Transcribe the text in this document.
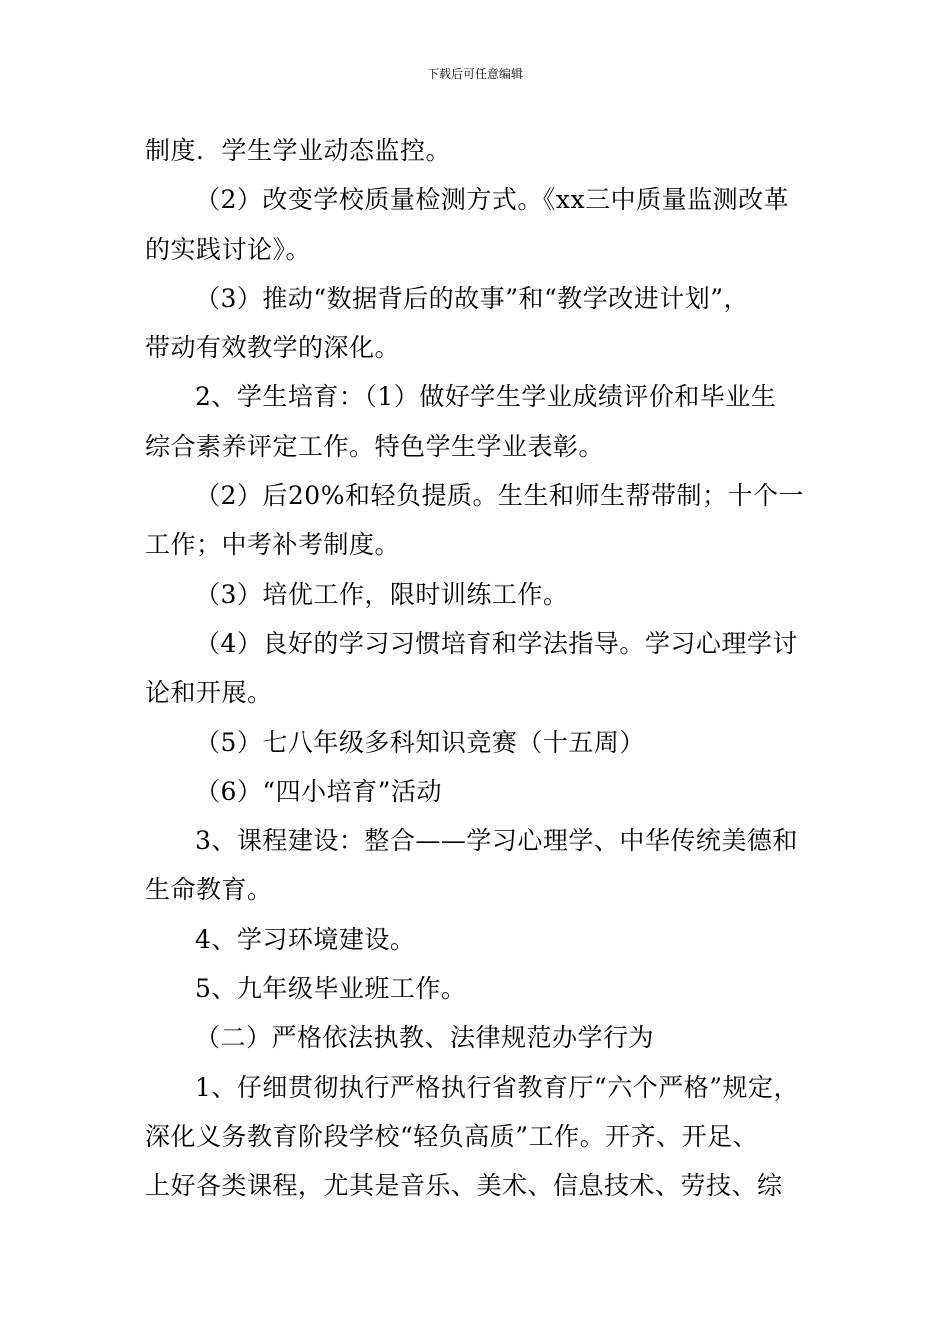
下载后可任意编辑
制度．学生学业动态监控。
（2）改变学校质量检测方式。《xx三中质量监测改革
的实践讨论》。
（3）推动“数据背后的故事”和“教学改进计划”，
带动有效教学的深化。
2、学生培育：（1）做好学生学业成绩评价和毕业生
综合素养评定工作。特色学生学业表彰。
（2）后20%和轻负提质。生生和师生帮带制；十个一
工作；中考补考制度。
（3）培优工作，限时训练工作。
（4）良好的学习习惯培育和学法指导。学习心理学讨
论和开展。
（5）七八年级多科知识竞赛（十五周）
（6）“四小培育”活动
3、课程建设：整合——学习心理学、中华传统美德和
生命教育。
4、学习环境建设。
5、九年级毕业班工作。
（二）严格依法执教、法律规范办学行为
1、仔细贯彻执行严格执行省教育厅“六个严格”规定，
深化义务教育阶段学校“轻负高质”工作。开齐、开足、
上好各类课程，尤其是音乐、美术、信息技术、劳技、综
